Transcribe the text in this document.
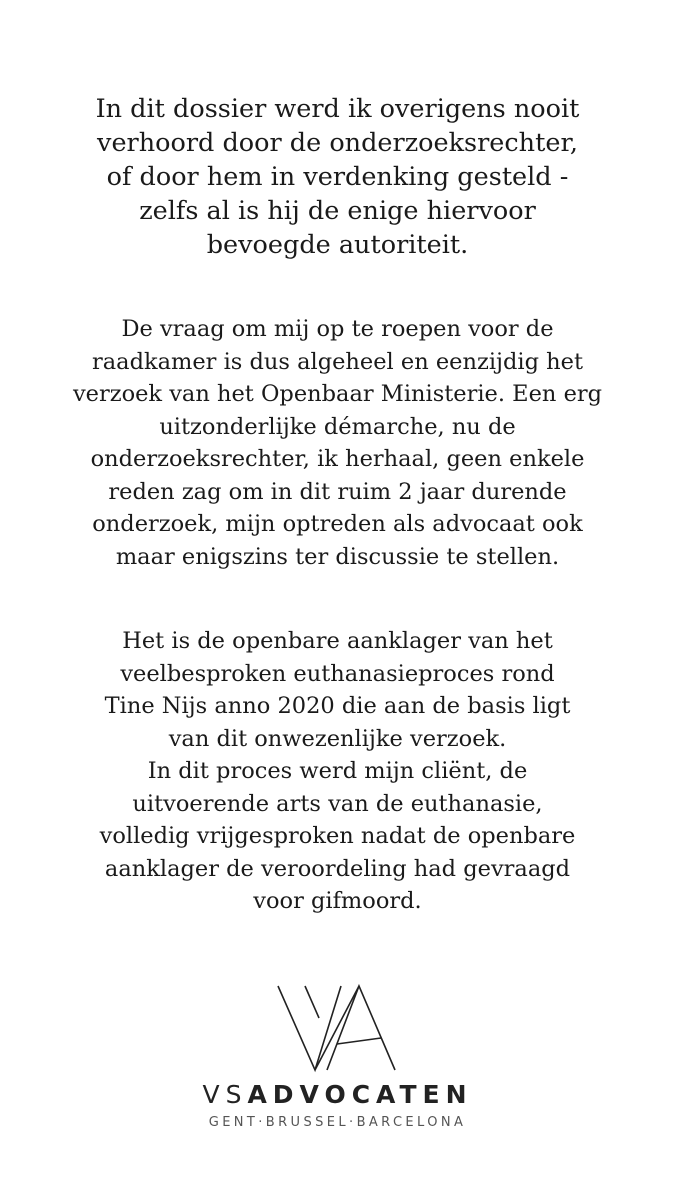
In dit dossier werd ik overigens nooit
verhoord door de onderzoeksrechter,
of door hem in verdenking gesteld -
zelfs al is hij de enige hiervoor
bevoegde autoriteit.

De vraag om mij op te roepen voor de
raadkamer is dus algeheel en eenzijdig het
verzoek van het Openbaar Ministerie. Een erg
uitzonderlijke démarche, nu de
onderzoeksrechter, ik herhaal, geen enkele
reden zag om in dit ruim 2 jaar durende
onderzoek, mijn optreden als advocaat ook
maar enigszins ter discussie te stellen.

Het is de openbare aanklager van het
veelbesproken euthanasieproces rond
Tine Nijs anno 2020 die aan de basis ligt
van dit onwezenlijke verzoek.
In dit proces werd mijn cliënt, de
uitvoerende arts van de euthanasie,
volledig vrijgesproken nadat de openbare
aanklager de veroordeling had gevraagd
voor gifmoord.

VSADVOCATEN
GENT·BRUSSEL·BARCELONA
